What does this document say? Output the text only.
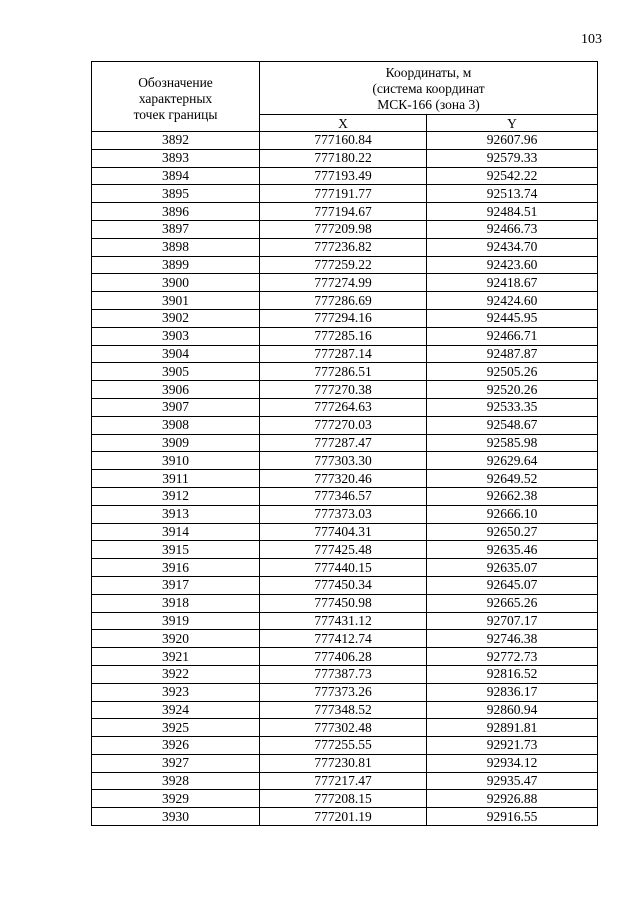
103
Обозначение
характерных
точек границы	Координаты, м
(система координат
МСК-166 (зона 3)	

	X	Y
3892	777160.84	92607.96
3893	777180.22	92579.33
3894	777193.49	92542.22
3895	777191.77	92513.74
3896	777194.67	92484.51
3897	777209.98	92466.73
3898	777236.82	92434.70
3899	777259.22	92423.60
3900	777274.99	92418.67
3901	777286.69	92424.60
3902	777294.16	92445.95
3903	777285.16	92466.71
3904	777287.14	92487.87
3905	777286.51	92505.26
3906	777270.38	92520.26
3907	777264.63	92533.35
3908	777270.03	92548.67
3909	777287.47	92585.98
3910	777303.30	92629.64
3911	777320.46	92649.52
3912	777346.57	92662.38
3913	777373.03	92666.10
3914	777404.31	92650.27
3915	777425.48	92635.46
3916	777440.15	92635.07
3917	777450.34	92645.07
3918	777450.98	92665.26
3919	777431.12	92707.17
3920	777412.74	92746.38
3921	777406.28	92772.73
3922	777387.73	92816.52
3923	777373.26	92836.17
3924	777348.52	92860.94
3925	777302.48	92891.81
3926	777255.55	92921.73
3927	777230.81	92934.12
3928	777217.47	92935.47
3929	777208.15	92926.88
3930	777201.19	92916.55
